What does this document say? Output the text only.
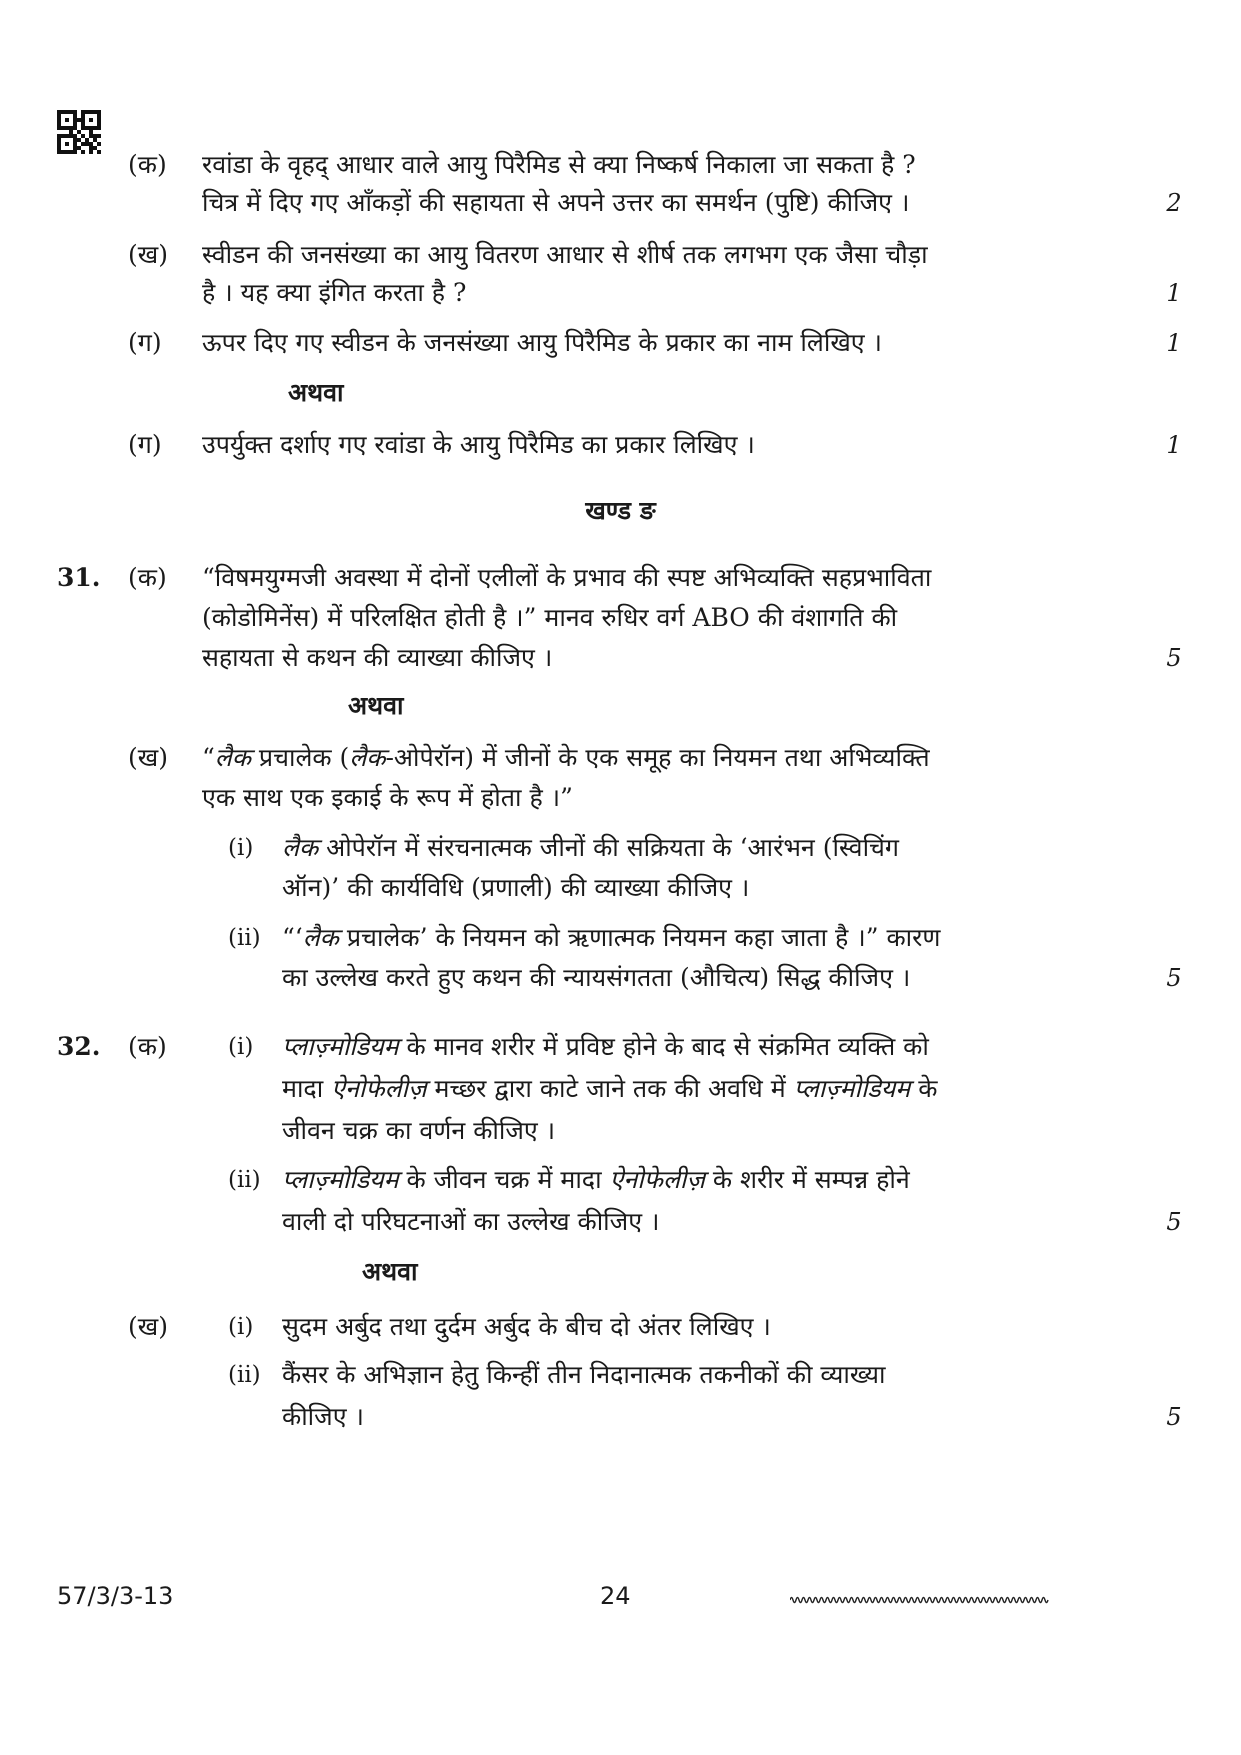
(क) रवांडा के वृहद् आधार वाले आयु पिरैमिड से क्या निष्कर्ष निकाला जा सकता है ?
चित्र में दिए गए आँकड़ों की सहायता से अपने उत्तर का समर्थन (पुष्टि) कीजिए ।	2
(ख) स्वीडन की जनसंख्या का आयु वितरण आधार से शीर्ष तक लगभग एक जैसा चौड़ा
है । यह क्या इंगित करता है ?	1
(ग) ऊपर दिए गए स्वीडन के जनसंख्या आयु पिरैमिड के प्रकार का नाम लिखिए ।	1
अथवा
(ग) उपर्युक्त दर्शाए गए रवांडा के आयु पिरैमिड का प्रकार लिखिए ।	1
खण्ड ङ
31. (क) “विषमयुग्मजी अवस्था में दोनों एलीलों के प्रभाव की स्पष्ट अभिव्यक्ति सहप्रभाविता
(कोडोमिनेंस) में परिलक्षित होती है ।” मानव रुधिर वर्ग ABO की वंशागति की
सहायता से कथन की व्याख्या कीजिए ।	5
अथवा
(ख) “लैक प्रचालेक (लैक-ओपेरॉन) में जीनों के एक समूह का नियमन तथा अभिव्यक्ति
एक साथ एक इकाई के रूप में होता है ।”
(i) लैक ओपेरॉन में संरचनात्मक जीनों की सक्रियता के ‘आरंभन (स्विचिंग
ऑन)’ की कार्यविधि (प्रणाली) की व्याख्या कीजिए ।
(ii) “‘लैक प्रचालेक’ के नियमन को ऋणात्मक नियमन कहा जाता है ।” कारण
का उल्लेख करते हुए कथन की न्यायसंगतता (औचित्य) सिद्ध कीजिए ।	5
32. (क)	(i) प्लाज़्मोडियम के मानव शरीर में प्रविष्ट होने के बाद से संक्रमित व्यक्ति को
मादा ऐनोफेलीज़ मच्छर द्वारा काटे जाने तक की अवधि में प्लाज़्मोडियम के
जीवन चक्र का वर्णन कीजिए ।
(ii) प्लाज़्मोडियम के जीवन चक्र में मादा ऐनोफेलीज़ के शरीर में सम्पन्न होने
वाली दो परिघटनाओं का उल्लेख कीजिए ।	5
अथवा
(ख)	(i) सुदम अर्बुद तथा दुर्दम अर्बुद के बीच दो अंतर लिखिए ।
(ii) कैंसर के अभिज्ञान हेतु किन्हीं तीन निदानात्मक तकनीकों की व्याख्या
कीजिए ।	5
57/3/3-13	24
